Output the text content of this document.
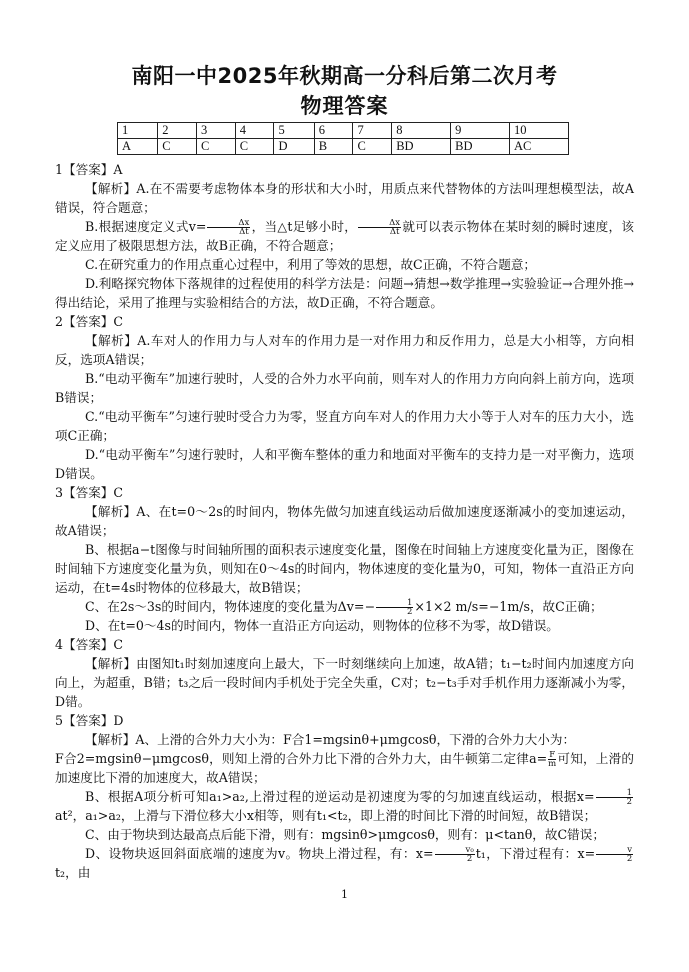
南阳一中2025年秋期高一分科后第二次月考
物理答案
1	2	3	4	5	6	7	8	9	10
A	C	C	C	D	B	C	BD	BD	AC

1【答案】A

【解析】A.在不需要考虑物体本身的形状和大小时，用质点来代替物体的方法叫理想模型法，故A错误，符合题意；

B.根据速度定义式$v= \frac{\Delta x}{\Delta t}$ ，当△t足够小时， $\frac{\Delta x}{\Delta t}$ 就可以表示物体在某时刻的瞬时速度，该定义应用了极限思想方法，故B正确，不符合题意；

C.在研究重力的作用点重心过程中，利用了等效的思想，故C正确，不符合题意；

D.利略探究物体下落规律的过程使用的科学方法是：问题→猜想→数学推理→实验验证→合理外推→得出结论，采用了推理与实验相结合的方法，故D正确，不符合题意。

2【答案】C

【解析】A.车对人的作用力与人对车的作用力是一对作用力和反作用力，总是大小相等，方向相反，选项A错误；

B.“电动平衡车”加速行驶时，人受的合外力水平向前，则车对人的作用力方向向斜上前方向，选项B错误；

C.“电动平衡车”匀速行驶时受合力为零，竖直方向车对人的作用力大小等于人对车的压力大小，选项C正确；

D.“电动平衡车”匀速行驶时，人和平衡车整体的重力和地面对平衡车的支持力是一对平衡力，选项D错误。

3【答案】C

【解析】A、在t=0～2s的时间内，物体先做匀加速直线运动后做加速度逐渐减小的变加速运动，故A错误；

B、根据a−t图像与时间轴所围的面积表示速度变化量，图像在时间轴上方速度变化量为正，图像在时间轴下方速度变化量为负，则知在0～4s的时间内，物体速度的变化量为0，可知，物体一直沿正方向运动，在t=4s时物体的位移最大，故B错误；

C、在2s～3s的时间内，物体速度的变化量为$\Delta v=- \frac{1}{2} \times 1\times 2$ m/s=−1m/s，故C正确；

D、在t=0～4s的时间内，物体一直沿正方向运动，则物体的位移不为零，故D错误。

4【答案】C

【解析】由图知t₁时刻加速度向上最大，下一时刻继续向上加速，故A错；t₁−t₂时间内加速度方向向上，为超重，B错；t₃之后一段时间内手机处于完全失重，C对；t₂−t₃手对手机作用力逐渐减小为零，D错。

5【答案】D

【解析】A、上滑的合外力大小为：F合1=mgsinθ+μmgcosθ，下滑的合外力大小为：

F合2=mgsinθ−μmgcosθ，则知上滑的合外力比下滑的合外力大，由牛顿第二定律$a= \frac{F}{m}$ 可知，上滑的加速度比下滑的加速度大，故A错误；

B、根据A项分析可知a₁>a₂,上滑过程的逆运动是初速度为零的匀加速直线运动，根据$x= \frac{1}{2}$
at²，a₁>a₂，上滑与下滑位移大小x相等，则有t₁<t₂，即上滑的时间比下滑的时间短，故B错误；

C、由于物块到达最高点后能下滑，则有：mgsinθ>μmgcosθ，则有：μ<tanθ，故C错误；

D、设物块返回斜面底端的速度为v。物块上滑过程，有：$x= \frac{\text{v₀}}{2} t_1$，下滑过程有：$x= \frac{v}{2}$
t₂，由

1
